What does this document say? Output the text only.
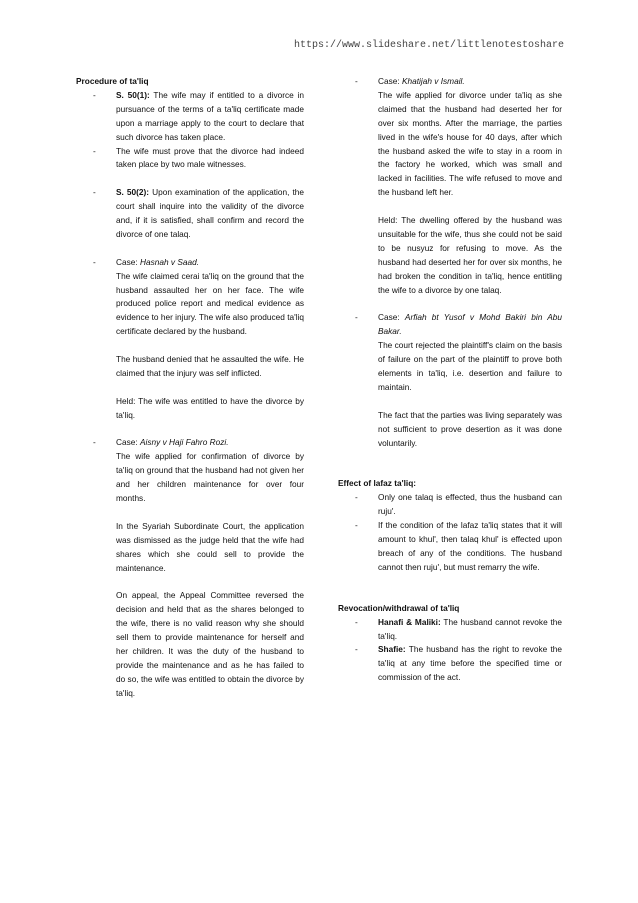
https://www.slideshare.net/littlenotestoshare

Procedure of ta'liq

- S. 50(1): The wife may if entitled to a divorce in pursuance of the terms of a ta'liq certificate made upon a marriage apply to the court to declare that such divorce has taken place.

- The wife must prove that the divorce had indeed taken place by two male witnesses.

- S. 50(2): Upon examination of the application, the court shall inquire into the validity of the divorce and, if it is satisfied, shall confirm and record the divorce of one talaq.

- Case: Hasnah v Saad.

The wife claimed cerai ta'liq on the ground that the husband assaulted her on her face. The wife produced police report and medical evidence as evidence to her injury. The wife also produced ta'liq certificate declared by the husband.

The husband denied that he assaulted the wife. He claimed that the injury was self inflicted.

Held: The wife was entitled to have the divorce by ta'liq.

- Case: Aisny v Haji Fahro Rozi.

The wife applied for confirmation of divorce by ta'liq on ground that the husband had not given her and her children maintenance for over four months.

In the Syariah Subordinate Court, the application was dismissed as the judge held that the wife had shares which she could sell to provide the maintenance.

On appeal, the Appeal Committee reversed the decision and held that as the shares belonged to the wife, there is no valid reason why she should sell them to provide maintenance for herself and her children. It was the duty of the husband to provide the maintenance and as he has failed to do so, the wife was entitled to obtain the divorce by ta'liq.

- Case: Khatijah v Ismail.

The wife applied for divorce under ta'liq as she claimed that the husband had deserted her for over six months. After the marriage, the parties lived in the wife's house for 40 days, after which the husband asked the wife to stay in a room in the factory he worked, which was small and lacked in facilities. The wife refused to move and the husband left her.

Held: The dwelling offered by the husband was unsuitable for the wife, thus she could not be said to be nusyuz for refusing to move. As the husband had deserted her for over six months, he had broken the condition in ta'liq, hence entitling the wife to a divorce by one talaq.

- Case: Arfiah bt Yusof v Mohd Bakiri bin Abu Bakar.

The court rejected the plaintiff's claim on the basis of failure on the part of the plaintiff to prove both elements in ta'liq, i.e. desertion and failure to maintain.

The fact that the parties was living separately was not sufficient to prove desertion as it was done voluntarily.

Effect of lafaz ta'liq:

- Only one talaq is effected, thus the husband can ruju'.

- If the condition of the lafaz ta'liq states that it will amount to khul', then talaq khul' is effected upon breach of any of the conditions. The husband cannot then ruju', but must remarry the wife.

Revocation/withdrawal of ta'liq

- Hanafi & Maliki: The husband cannot revoke the ta'liq.

- Shafie: The husband has the right to revoke the ta'liq at any time before the specified time or commission of the act.
